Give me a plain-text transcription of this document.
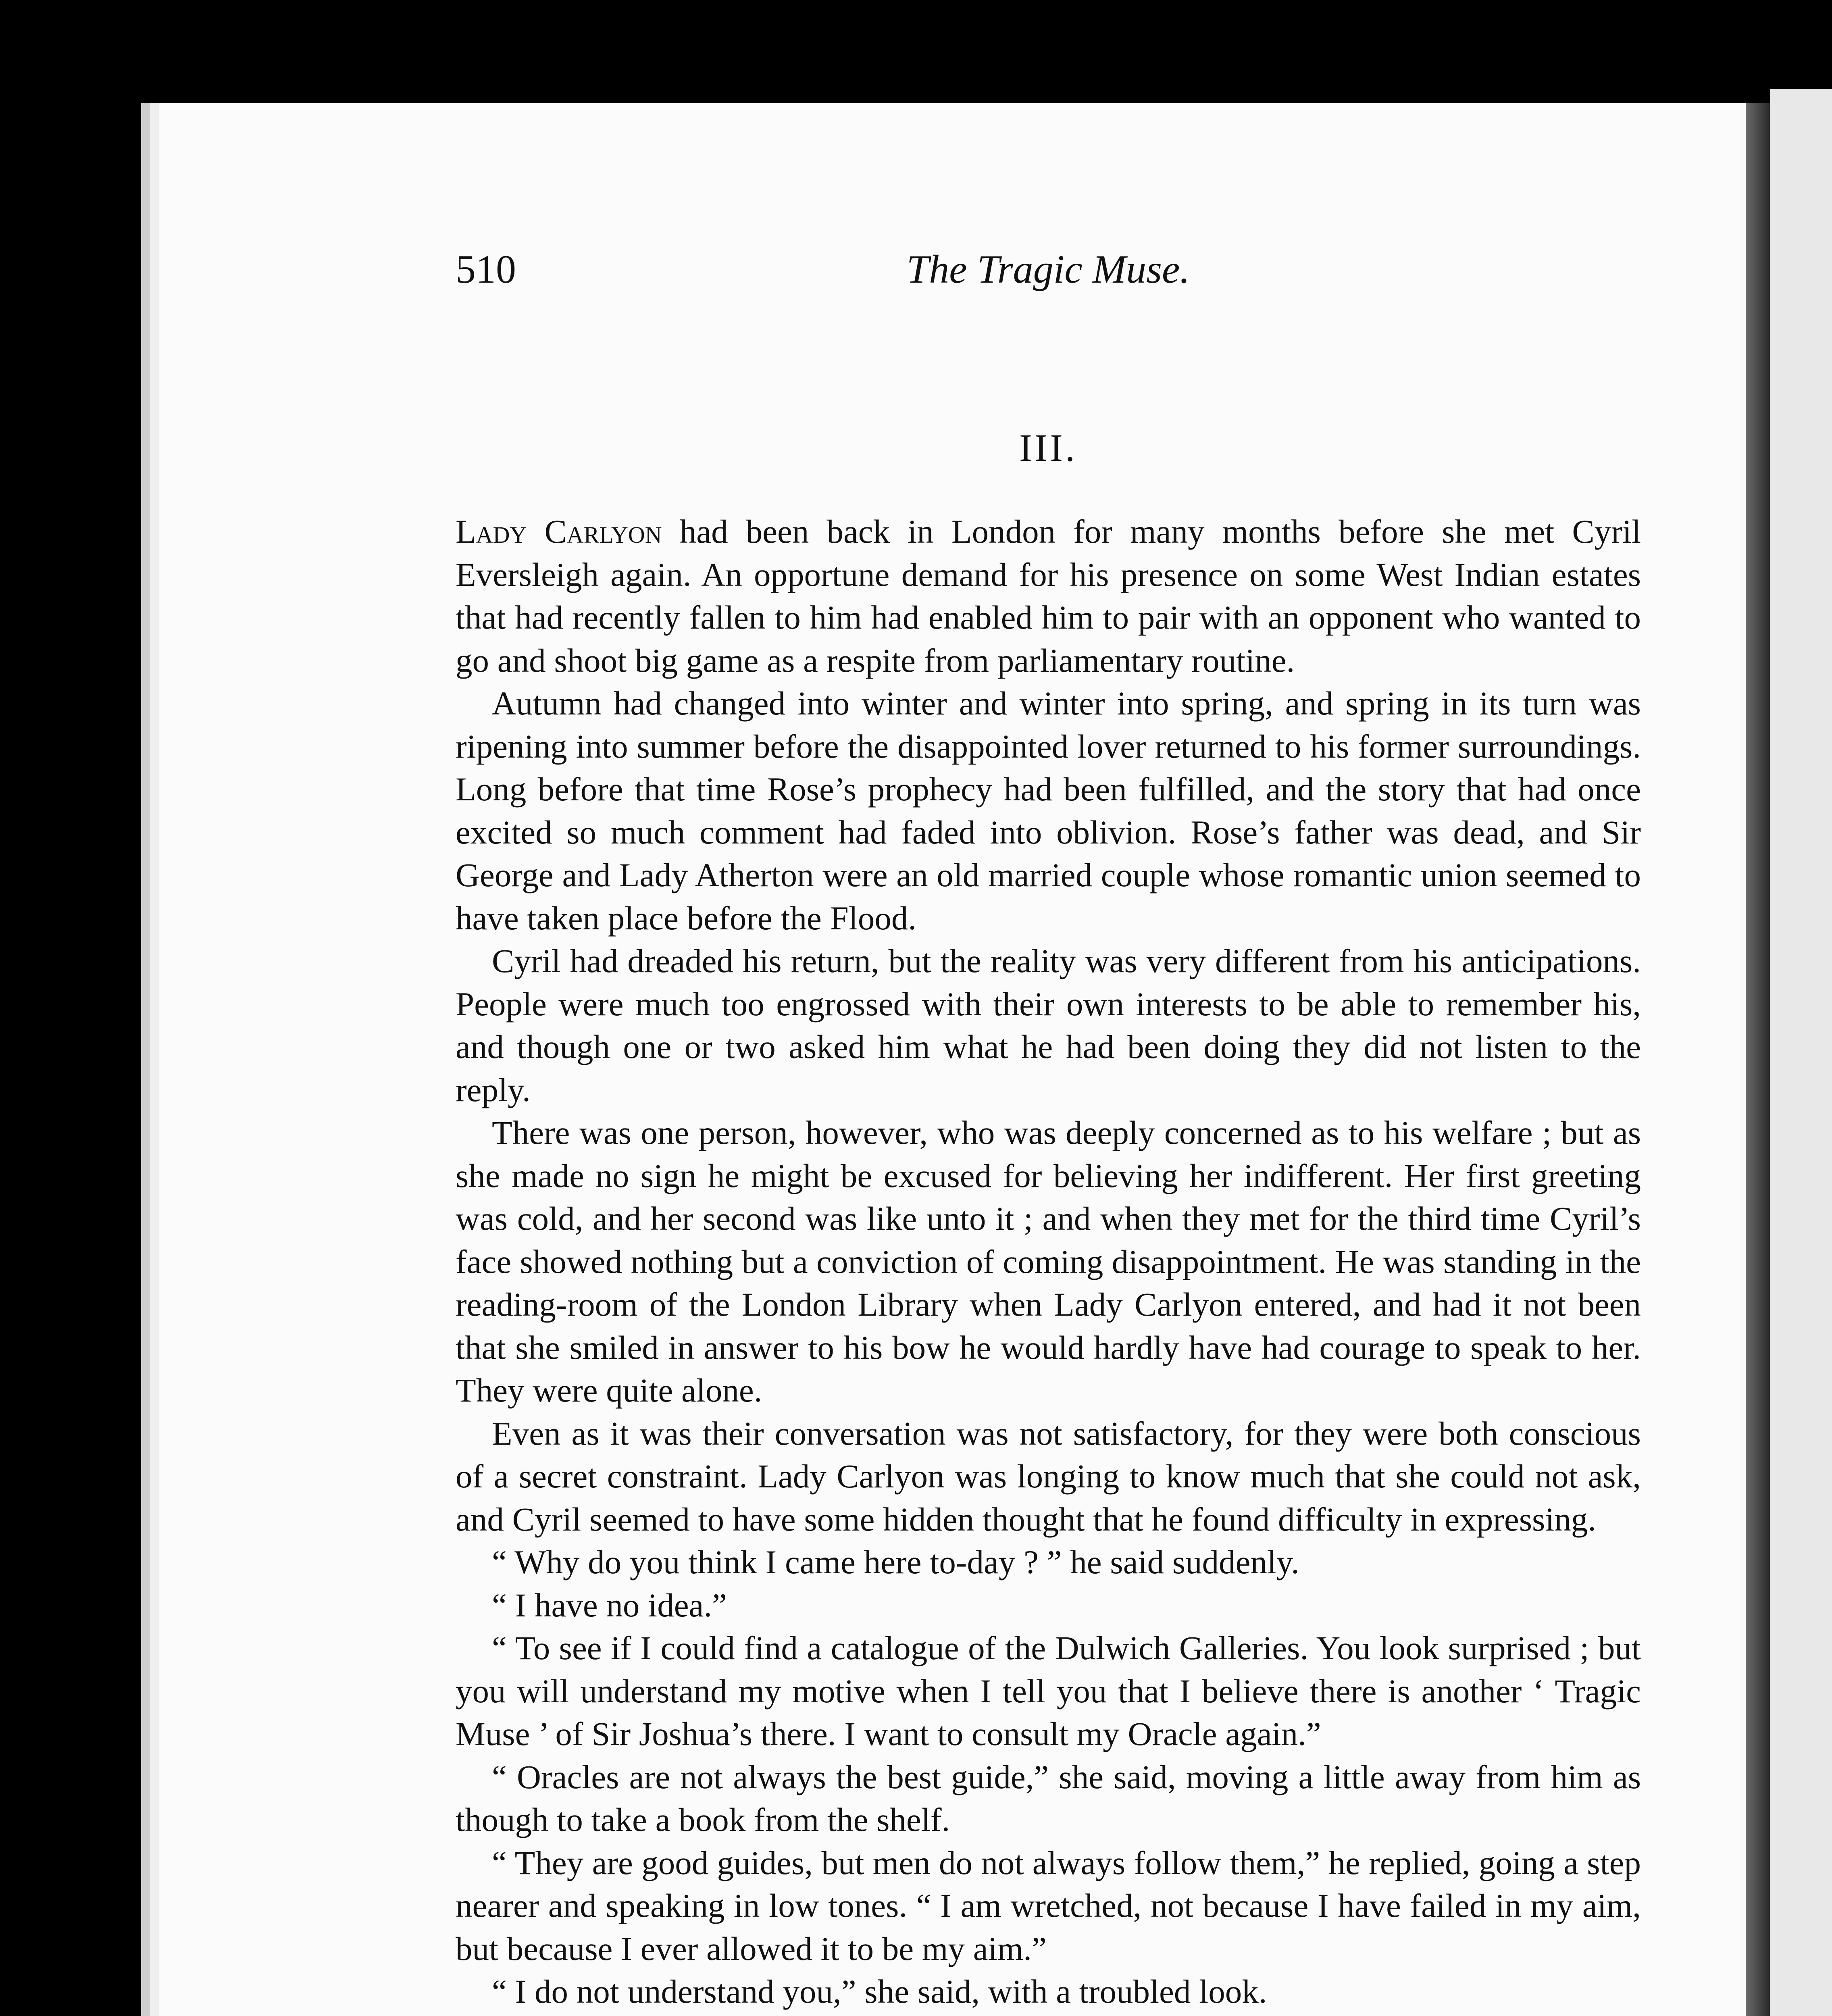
510	The Tragic Muse.
III.

Lady Carlyon had been back in London for many months before she met Cyril Eversleigh again. An opportune demand for his presence on some West Indian estates that had recently fallen to him had enabled him to pair with an opponent who wanted to go and shoot big game as a respite from parliamentary routine.

Autumn had changed into winter and winter into spring, and spring in its turn was ripening into summer before the disappointed lover returned to his former surroundings. Long before that time Rose’s prophecy had been fulfilled, and the story that had once excited so much comment had faded into oblivion. Rose’s father was dead, and Sir George and Lady Atherton were an old married couple whose romantic union seemed to have taken place before the Flood.

Cyril had dreaded his return, but the reality was very different from his anticipations. People were much too engrossed with their own interests to be able to remember his, and though one or two asked him what he had been doing they did not listen to the reply.

There was one person, however, who was deeply concerned as to his welfare ; but as she made no sign he might be excused for believing her indifferent. Her first greeting was cold, and her second was like unto it ; and when they met for the third time Cyril’s face showed nothing but a conviction of coming disappointment. He was standing in the reading-room of the London Library when Lady Carlyon entered, and had it not been that she smiled in answer to his bow he would hardly have had courage to speak to her. They were quite alone.

Even as it was their conversation was not satisfactory, for they were both conscious of a secret constraint. Lady Carlyon was longing to know much that she could not ask, and Cyril seemed to have some hidden thought that he found difficulty in expressing.

“ Why do you think I came here to-day ? ” he said suddenly.

“ I have no idea.”

“ To see if I could find a catalogue of the Dulwich Galleries. You look surprised ; but you will understand my motive when I tell you that I believe there is another ‘ Tragic Muse ’ of Sir Joshua’s there. I want to consult my Oracle again.”

“ Oracles are not always the best guide,” she said, moving a little away from him as though to take a book from the shelf.

“ They are good guides, but men do not always follow them,” he replied, going a step nearer and speaking in low tones. “ I am wretched, not because I have failed in my aim, but because I ever allowed it to be my aim.”

“ I do not understand you,” she said, with a troubled look.
